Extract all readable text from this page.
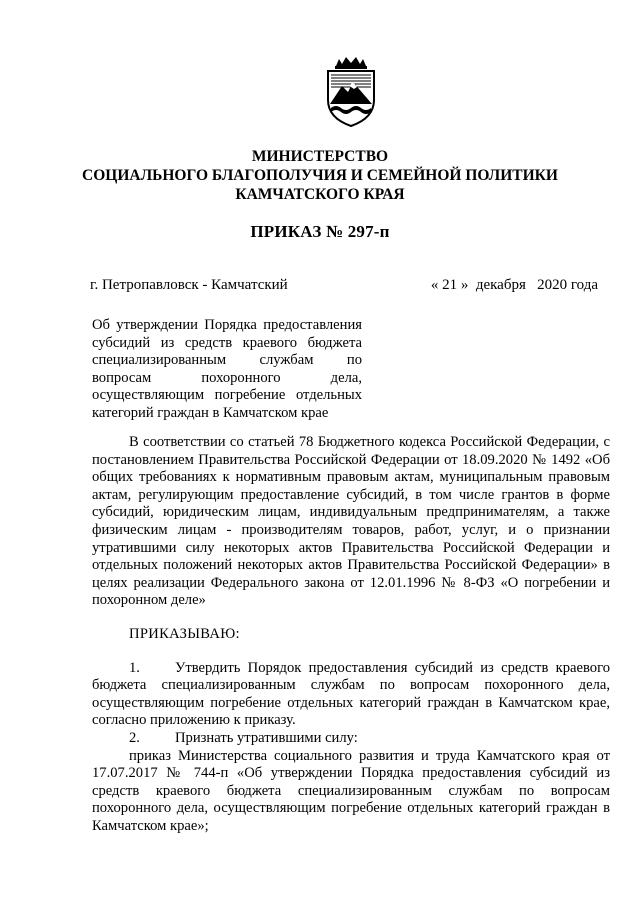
МИНИСТЕРСТВО
СОЦИАЛЬНОГО БЛАГОПОЛУЧИЯ И СЕМЕЙНОЙ ПОЛИТИКИ
КАМЧАТСКОГО КРАЯ
ПРИКАЗ № 297-п
г. Петропавловск - Камчатский	« 21 » декабря 2020 года

Об утверждении Порядка предоставления субсидий из средств краевого бюджета специализированным службам по вопросам похоронного дела, осуществляющим погребение отдельных категорий граждан в Камчатском крае

В соответствии со статьей 78 Бюджетного кодекса Российской Федерации, с постановлением Правительства Российской Федерации от 18.09.2020 № 1492 «Об общих требованиях к нормативным правовым актам, муниципальным правовым актам, регулирующим предоставление субсидий, в том числе грантов в форме субсидий, юридическим лицам, индивидуальным предпринимателям, а также физическим лицам - производителям товаров, работ, услуг, и о признании утратившими силу некоторых актов Правительства Российской Федерации и отдельных положений некоторых актов Правительства Российской Федерации» в целях реализации Федерального закона от 12.01.1996 № 8-ФЗ «О погребении и похоронном деле»

ПРИКАЗЫВАЮ:

1. Утвердить Порядок предоставления субсидий из средств краевого бюджета специализированным службам по вопросам похоронного дела, осуществляющим погребение отдельных категорий граждан в Камчатском крае, согласно приложению к приказу.

2. Признать утратившими силу:

приказ Министерства социального развития и труда Камчатского края от 17.07.2017 № 744-п «Об утверждении Порядка предоставления субсидий из средств краевого бюджета специализированным службам по вопросам похоронного дела, осуществляющим погребение отдельных категорий граждан в Камчатском крае»;
